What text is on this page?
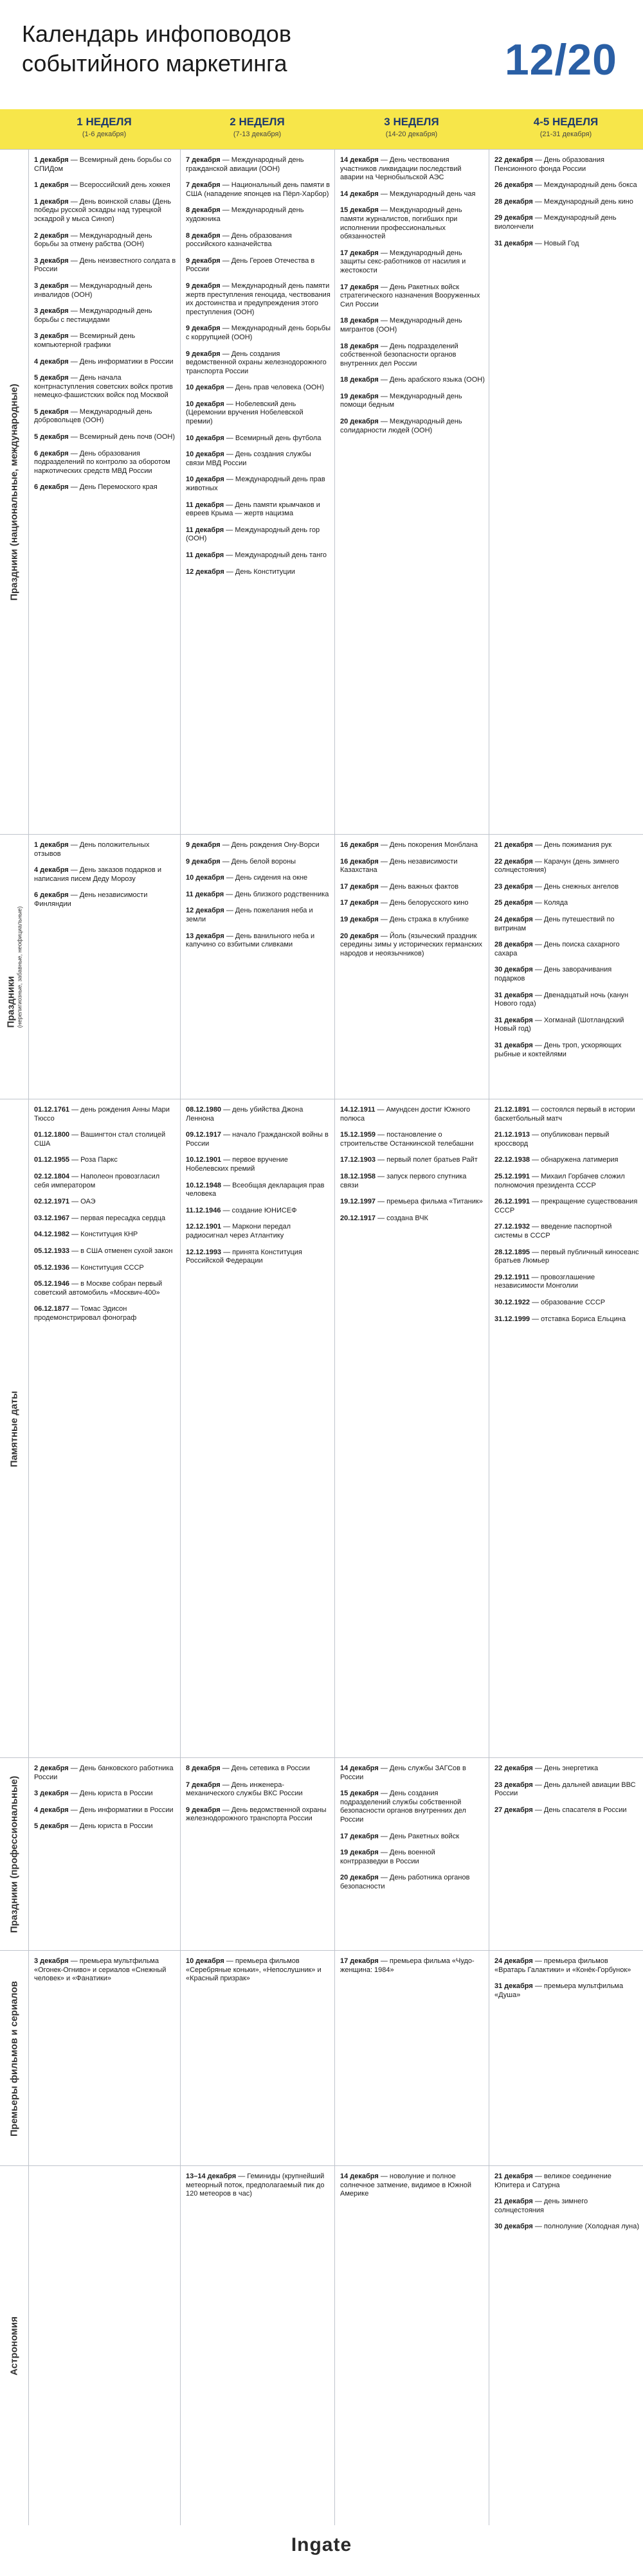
Календарь инфоповодов
событийного маркетинга	12/20
1 НЕДЕЛЯ
(1-6 декабря)
2 НЕДЕЛЯ
(7-13 декабря)
3 НЕДЕЛЯ
(14-20 декабря)
4-5 НЕДЕЛЯ
(21-31 декабря)
Праздники (национальные, международные)
1 декабря — Всемирный день борьбы со СПИДом
1 декабря — Всероссийский день хоккея
1 декабря — День воинской славы (День победы русской эскадры над турецкой эскадрой у мыса Синоп)
2 декабря — Международный день борьбы за отмену рабства (ООН)
3 декабря — День неизвестного солдата в России
3 декабря — Международный день инвалидов (ООН)
3 декабря — Международный день борьбы с пестицидами
3 декабря — Всемирный день компьютерной графики
4 декабря — День информатики в России
5 декабря — День начала контрнаступления советских войск против немецко-фашистских войск под Москвой
5 декабря — Международный день добровольцев (ООН)
5 декабря — Всемирный день почв (ООН)
6 декабря — День образования подразделений по контролю за оборотом наркотических средств МВД России
6 декабря — День Перемоского края
7 декабря — Международный день гражданской авиации (ООН)
7 декабря — Национальный день памяти в США (нападение японцев на Пёрл-Харбор)
8 декабря — Международный день художника
8 декабря — День образования российского казначейства
9 декабря — День Героев Отечества в России
9 декабря — Международный день памяти жертв преступления геноцида, чествования их достоинства и предупреждения этого преступления (ООН)
9 декабря — Международный день борьбы с коррупцией (ООН)
9 декабря — День создания ведомственной охраны железнодорожного транспорта России
10 декабря — День прав человека (ООН)
10 декабря — Нобелевский день (Церемонии вручения Нобелевской премии)
10 декабря — Всемирный день футбола
10 декабря — День создания службы связи МВД России
10 декабря — Международный день прав животных
11 декабря — День памяти крымчаков и евреев Крыма — жертв нацизма
11 декабря — Международный день гор (ООН)
11 декабря — Международный день танго
12 декабря — День Конституции
14 декабря — День чествования участников ликвидации последствий аварии на Чернобыльской АЭС
14 декабря — Международный день чая
15 декабря — Международный день памяти журналистов, погибших при исполнении профессиональных обязанностей
17 декабря — Международный день защиты секс-работников от насилия и жестокости
17 декабря — День Ракетных войск стратегического назначения Вооруженных Сил России
18 декабря — Международный день мигрантов (ООН)
18 декабря — День подразделений собственной безопасности органов внутренних дел России
18 декабря — День арабского языка (ООН)
19 декабря — Международный день помощи бедным
20 декабря — Международный день солидарности людей (ООН)
22 декабря — День образования Пенсионного фонда России
26 декабря — Международный день бокса
28 декабря — Международный день кино
29 декабря — Международный день виолончели
31 декабря — Новый Год
Праздники (нерелигиозные, забавные, неофициальные)
1 декабря — День положительных отзывов
4 декабря — День заказов подарков и написания писем Деду Морозу
6 декабря — День независимости Финляндии
9 декабря — День рождения Ону-Ворси
9 декабря — День белой вороны
10 декабря — День сидения на окне
11 декабря — День близкого родственника
12 декабря — День пожелания неба и земли
13 декабря — День ванильного неба и капучино со взбитыми сливками
16 декабря — День покорения Монблана
16 декабря — День независимости Казахстана
17 декабря — День важных фактов
17 декабря — День белорусского кино
19 декабря — День стража в клубнике
20 декабря — Йоль (языческий праздник середины зимы у исторических германских народов и неоязычников)
21 декабря — День пожимания рук
22 декабря — Карачун (день зимнего солнцестояния)
23 декабря — День снежных ангелов
25 декабря — Коляда
24 декабря — День путешествий по витринам
28 декабря — День поиска сахарного сахара
30 декабря — День заворачивания подарков
31 декабря — Двенадцатый ночь (канун Нового года)
31 декабря — Хогманай (Шотландский Новый год)
31 декабря — День троп, ускоряющих рыбные и коктейлями
Памятные даты
01.12.1761 — день рождения Анны Мари Тюссо
01.12.1800 — Вашингтон стал столицей США
01.12.1955 — Роза Паркс
02.12.1804 — Наполеон провозгласил себя императором
02.12.1971 — ОАЭ
03.12.1967 — первая пересадка сердца
04.12.1982 — Конституция КНР
05.12.1933 — в США отменен сухой закон
05.12.1936 — Конституция СССР
05.12.1946 — в Москве собран первый советский автомобиль «Москвич-400»
06.12.1877 — Томас Эдисон продемонстрировал фонограф
08.12.1980 — день убийства Джона Леннона
09.12.1917 — начало Гражданской войны в России
10.12.1901 — первое вручение Нобелевских премий
10.12.1948 — Всеобщая декларация прав человека
11.12.1946 — создание ЮНИСЕФ
12.12.1901 — Маркони передал радиосигнал через Атлантику
12.12.1993 — принята Конституция Российской Федерации
14.12.1911 — Амундсен достиг Южного полюса
15.12.1959 — постановление о строительстве Останкинской телебашни
17.12.1903 — первый полет братьев Райт
18.12.1958 — запуск первого спутника связи
19.12.1997 — премьера фильма «Титаник»
20.12.1917 — создана ВЧК
21.12.1891 — состоялся первый в истории баскетбольный матч
21.12.1913 — опубликован первый кроссворд
22.12.1938 — обнаружена латимерия
25.12.1991 — Михаил Горбачев сложил полномочия президента СССР
26.12.1991 — прекращение существования СССР
27.12.1932 — введение паспортной системы в СССР
28.12.1895 — первый публичный киносеанс братьев Люмьер
29.12.1911 — провозглашение независимости Монголии
30.12.1922 — образование СССР
31.12.1999 — отставка Бориса Ельцина
Праздники (профессиональные)
2 декабря — День банковского работника России
3 декабря — День юриста в России
4 декабря — День информатики в России
5 декабря — День юриста в России
8 декабря — День сетевика в России
7 декабря — День инженера-механического службы ВКС России
9 декабря — День ведомственной охраны железнодорожного транспорта России
14 декабря — День службы ЗАГСов в России
15 декабря — День создания подразделений службы собственной безопасности органов внутренних дел России
17 декабря — День Ракетных войск
19 декабря — День военной контрразведки в России
20 декабря — День работника органов безопасности
22 декабря — День энергетика
23 декабря — День дальней авиации ВВС России
27 декабря — День спасателя в России
Премьеры фильмов и сериалов
3 декабря — премьера мультфильма «Огонек-Огниво» и сериалов «Снежный человек» и «Фанатики»
10 декабря — премьера фильмов «Серебряные коньки», «Непослушник» и «Красный призрак»
17 декабря — премьера фильма «Чудо-женщина: 1984»
24 декабря — премьера фильмов «Вратарь Галактики» и «Конёк-Горбунок»
31 декабря — премьера мультфильма «Душа»
Астрономия
13–14 декабря — Геминиды (крупнейший метеорный поток, предполагаемый пик до 120 метеоров в час)
14 декабря — новолуние и полное солнечное затмение, видимое в Южной Америке
21 декабря — великое соединение Юпитера и Сатурна
21 декабря — день зимнего солнцестояния
30 декабря — полнолуние (Холодная луна)
Ingate
